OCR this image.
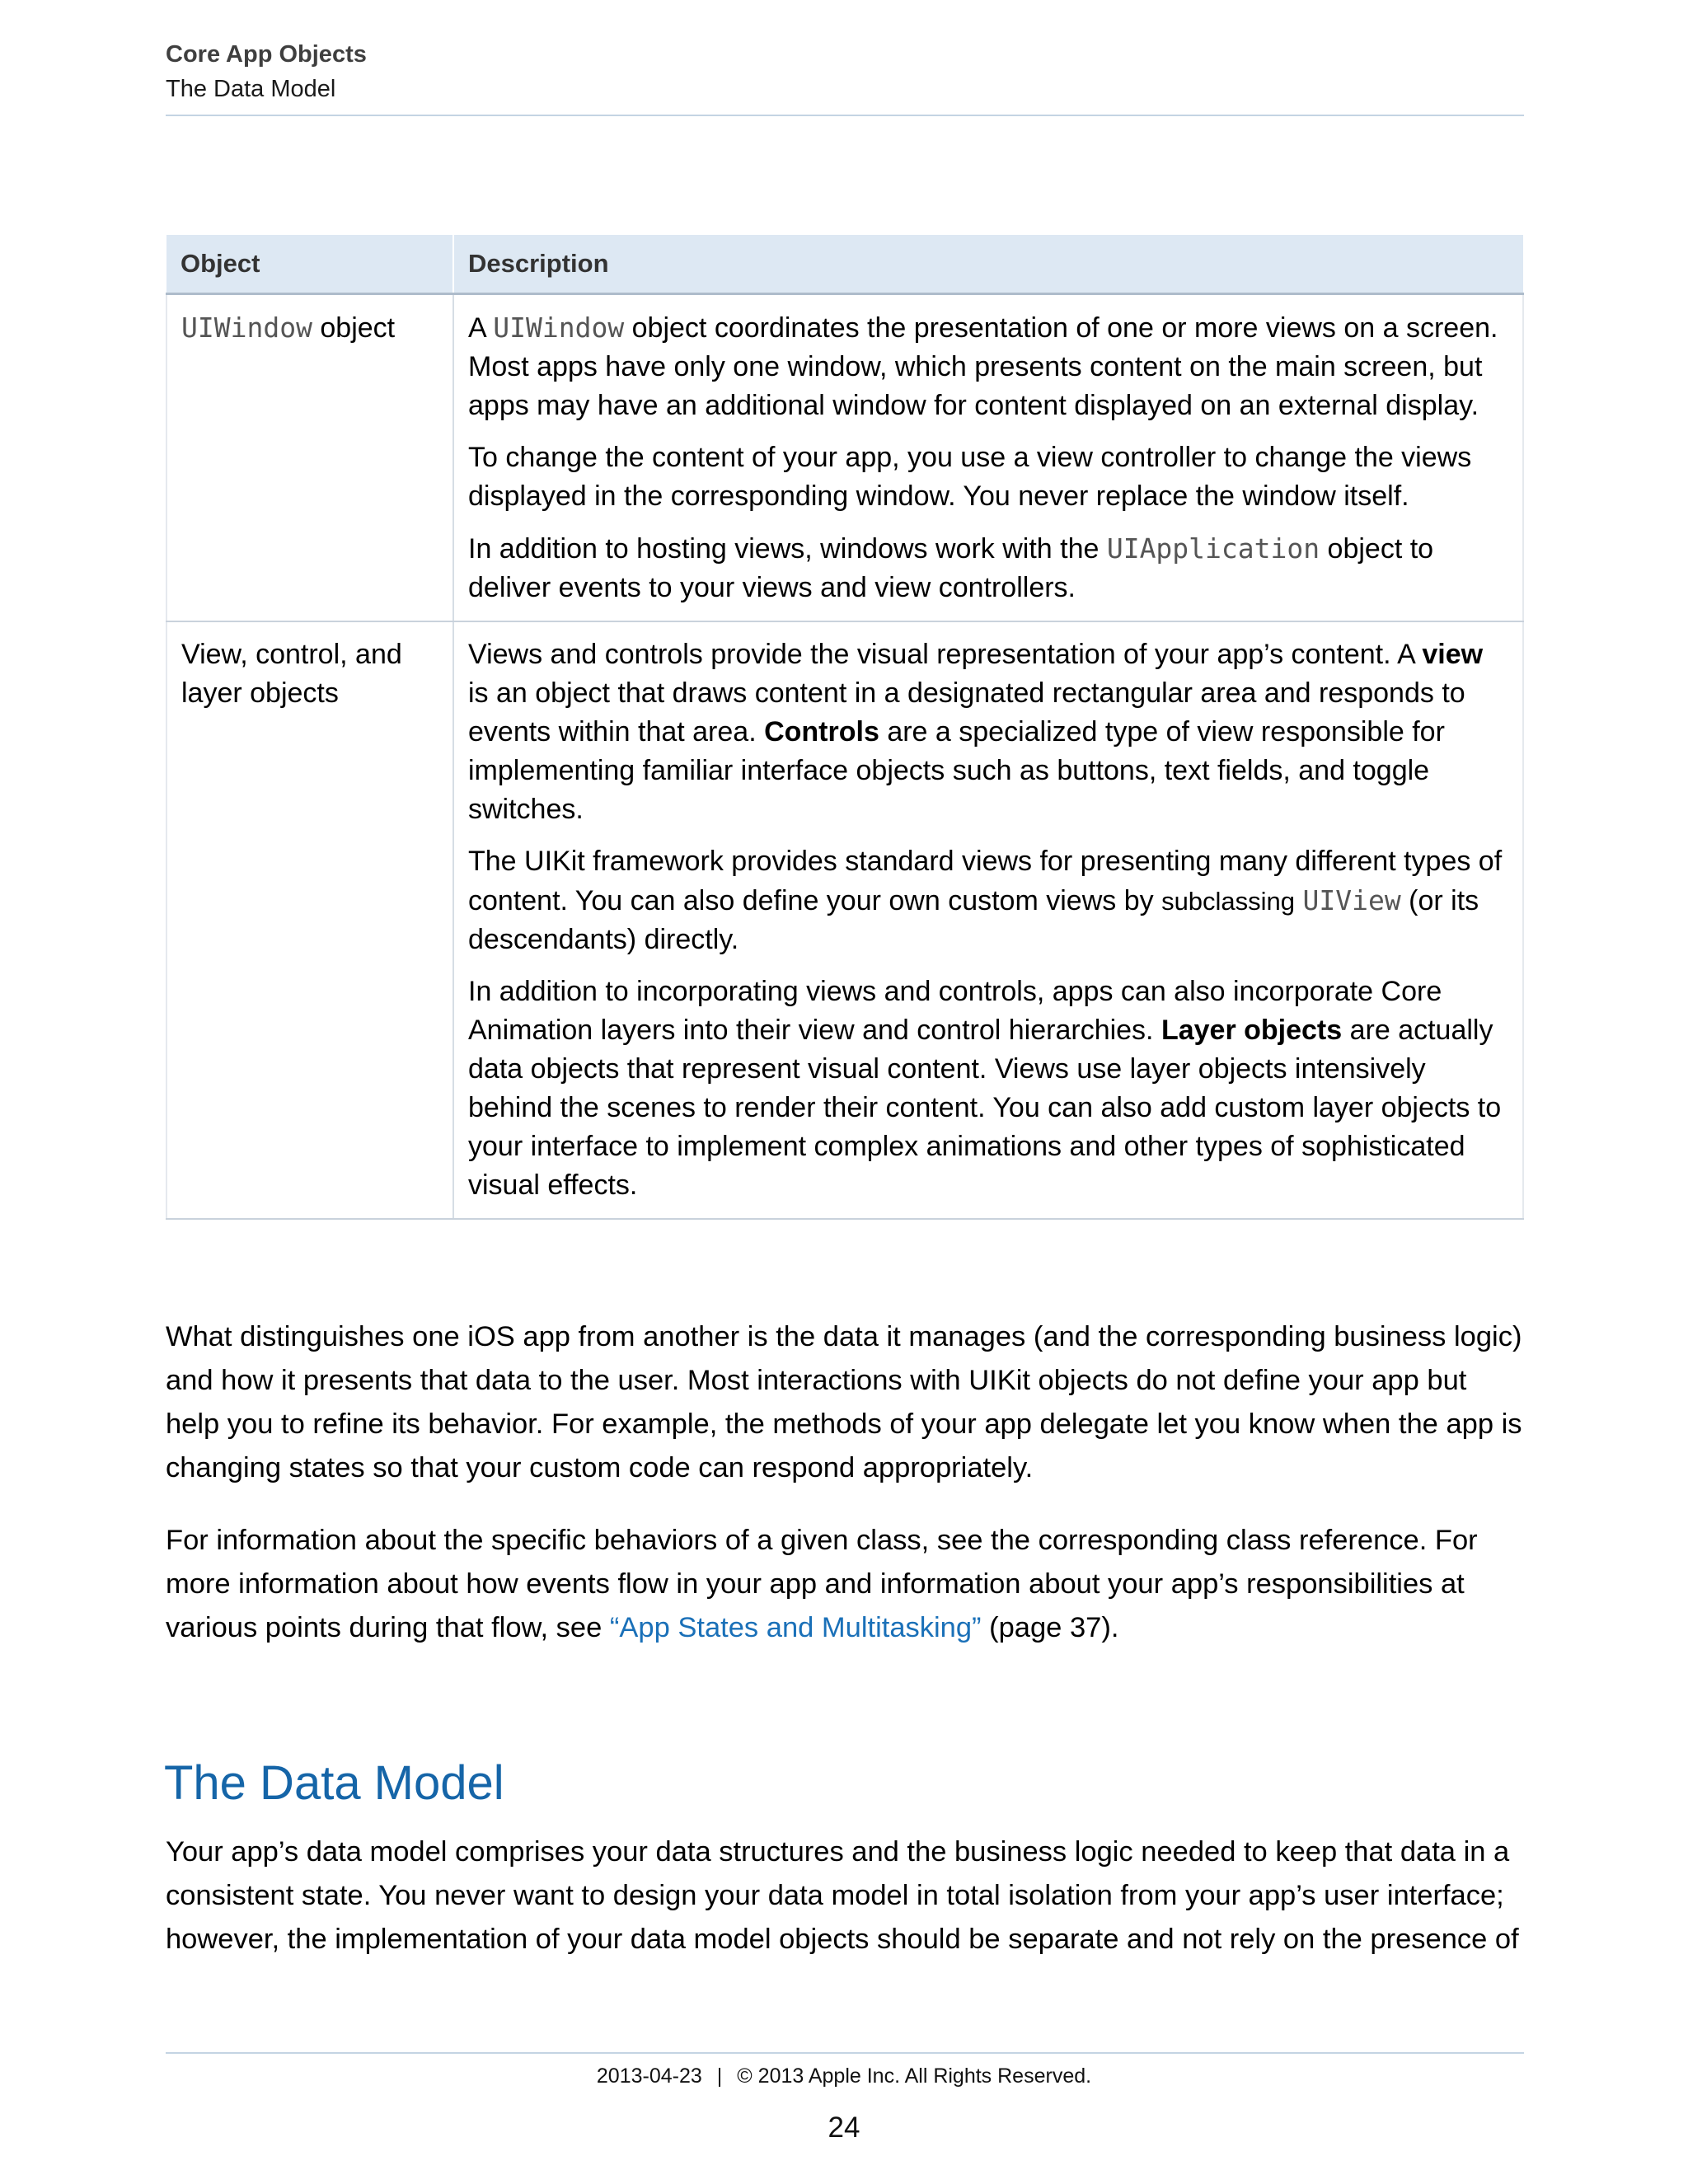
Core App Objects
The Data Model
Object	Description
UIWindow object	A UIWindow object coordinates the presentation of one or more views on a screen. Most apps have only one window, which presents content on the main screen, but apps may have an additional window for content displayed on an external display.

To change the content of your app, you use a view controller to change the views displayed in the corresponding window. You never replace the window itself.

In addition to hosting views, windows work with the UIApplication object to deliver events to your views and view controllers.

View, control, and layer objects	Views and controls provide the visual representation of your app’s content. A view is an object that draws content in a designated rectangular area and responds to events within that area. Controls are a specialized type of view responsible for implementing familiar interface objects such as buttons, text fields, and toggle switches.

The UIKit framework provides standard views for presenting many different types of content. You can also define your own custom views by subclassing UIView (or its descendants) directly.

In addition to incorporating views and controls, apps can also incorporate Core Animation layers into their view and control hierarchies. Layer objects are actually data objects that represent visual content. Views use layer objects intensively behind the scenes to render their content. You can also add custom layer objects to your interface to implement complex animations and other types of sophisticated visual effects.

What distinguishes one iOS app from another is the data it manages (and the corresponding business logic) and how it presents that data to the user. Most interactions with UIKit objects do not define your app but help you to refine its behavior. For example, the methods of your app delegate let you know when the app is changing states so that your custom code can respond appropriately.

For information about the specific behaviors of a given class, see the corresponding class reference. For more information about how events flow in your app and information about your app’s responsibilities at various points during that flow, see “App States and Multitasking” (page 37).

The Data Model

Your app’s data model comprises your data structures and the business logic needed to keep that data in a consistent state. You never want to design your data model in total isolation from your app’s user interface; however, the implementation of your data model objects should be separate and not rely on the presence of

2013-04-23 | © 2013 Apple Inc. All Rights Reserved.
24
